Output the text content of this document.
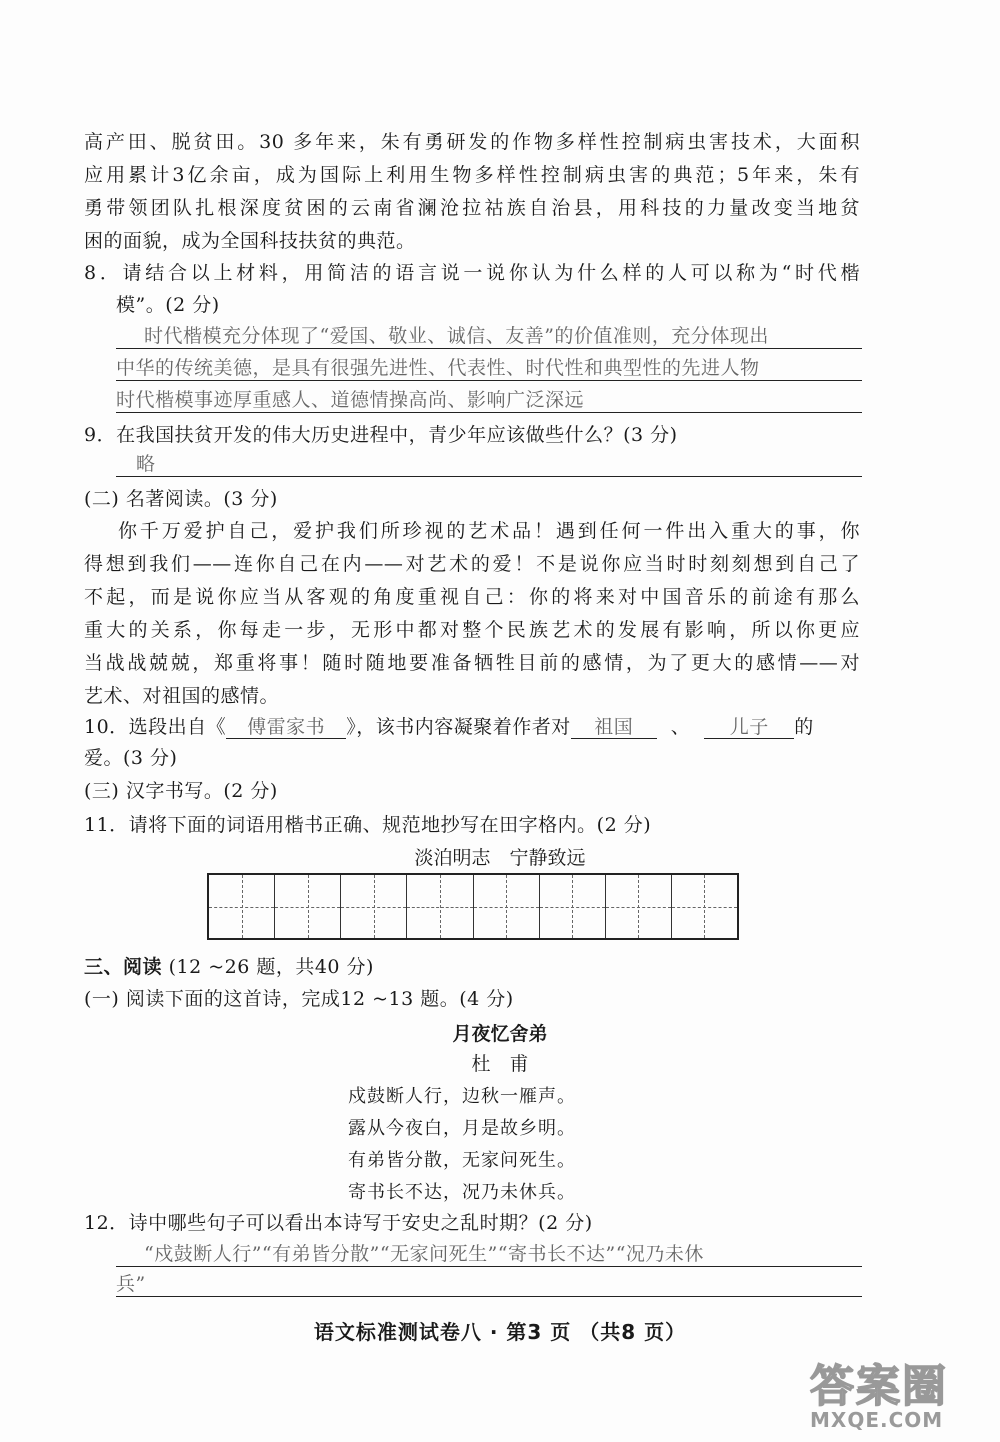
高产田、脱贫田。30 多年来，朱有勇研发的作物多样性控制病虫害技术，大面积
应用累计3亿余亩，成为国际上利用生物多样性控制病虫害的典范；5年来，朱有
勇带领团队扎根深度贫困的云南省澜沧拉祜族自治县，用科技的力量改变当地贫
困的面貌，成为全国科技扶贫的典范。
8．请结合以上材料，用简洁的语言说一说你认为什么样的人可以称为“时代楷
模”。(2 分)
时代楷模充分体现了“爱国、敬业、诚信、友善”的价值准则，充分体现出
中华的传统美德，是具有很强先进性、代表性、时代性和典型性的先进人物
时代楷模事迹厚重感人、道德情操高尚、影响广泛深远
9．在我国扶贫开发的伟大历史进程中，青少年应该做些什么？(3 分)
略
(二) 名著阅读。(3 分)
你千万爱护自己，爱护我们所珍视的艺术品！遇到任何一件出入重大的事，你
得想到我们——连你自己在内——对艺术的爱！不是说你应当时时刻刻想到自己了
不起，而是说你应当从客观的角度重视自己：你的将来对中国音乐的前途有那么
重大的关系，你每走一步，无形中都对整个民族艺术的发展有影响，所以你更应
当战战兢兢，郑重将事！随时随地要准备牺牲目前的感情，为了更大的感情——对
艺术、对祖国的感情。
10．选段出自《 傅雷家书 》，该书内容凝聚着作者对 祖国 、 儿子 的
爱。(3 分)
(三) 汉字书写。(2 分)
11．请将下面的词语用楷书正确、规范地抄写在田字格内。(2 分)
淡泊明志　宁静致远
三、阅读 (12 ~26 题，共40 分)
(一) 阅读下面的这首诗，完成12 ~13 题。(4 分)
月夜忆舍弟
杜　甫
戍鼓断人行，边秋一雁声。
露从今夜白，月是故乡明。
有弟皆分散，无家问死生。
寄书长不达，况乃未休兵。
12．诗中哪些句子可以看出本诗写于安史之乱时期？(2 分)
“戍鼓断人行”“有弟皆分散”“无家问死生”“寄书长不达”“况乃未休
兵”
语文标准测试卷八 · 第3 页 （共8 页）
答案圈
MXQE.COM
